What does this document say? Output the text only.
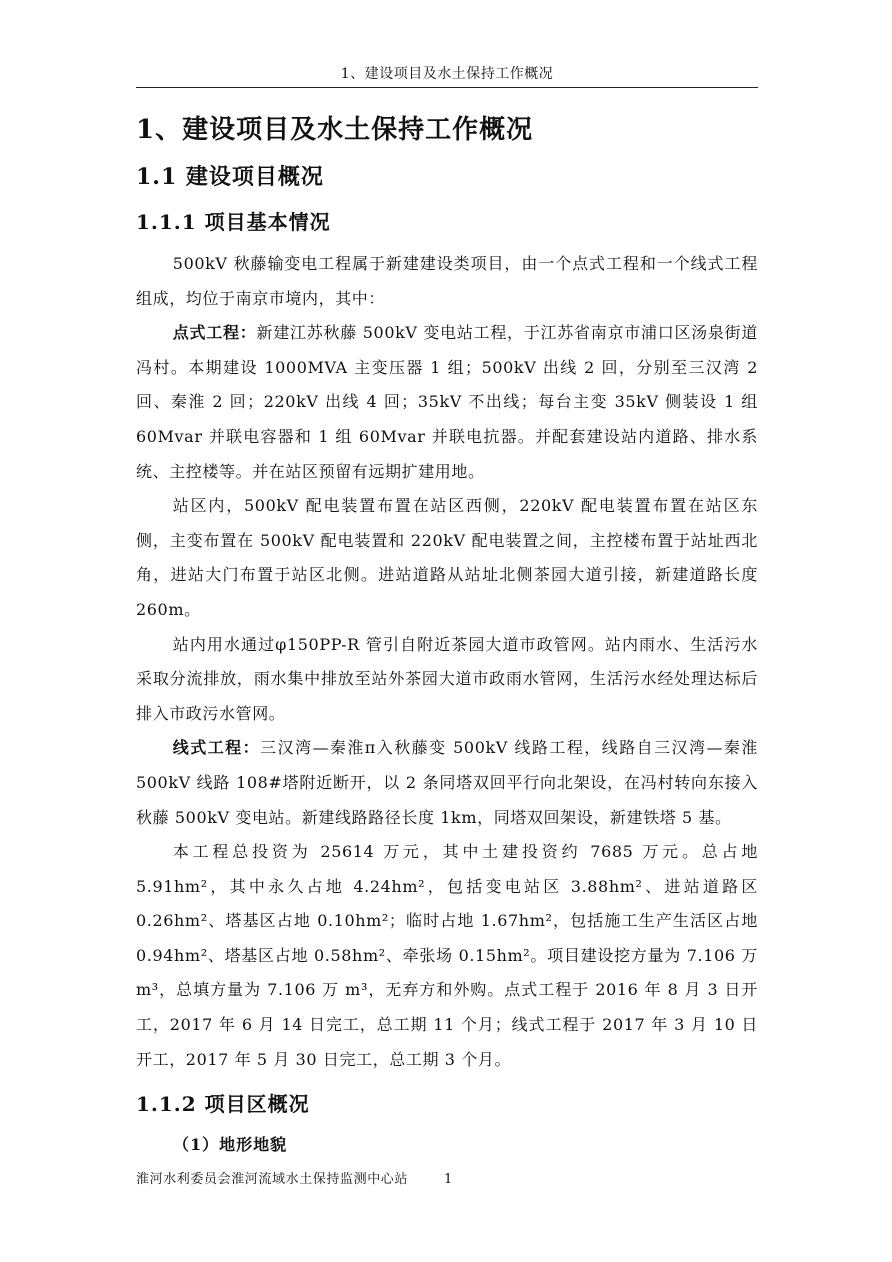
1、建设项目及水土保持工作概况
1、建设项目及水土保持工作概况
1.1 建设项目概况
1.1.1 项目基本情况

500kV 秋藤输变电工程属于新建建设类项目，由一个点式工程和一个线式工程组成，均位于南京市境内，其中：

点式工程：新建江苏秋藤 500kV 变电站工程，于江苏省南京市浦口区汤泉街道冯村。本期建设 1000MVA 主变压器 1 组；500kV 出线 2 回，分别至三汉湾 2 回、秦淮 2 回；220kV 出线 4 回；35kV 不出线；每台主变 35kV 侧装设 1 组 60Mvar 并联电容器和 1 组 60Mvar 并联电抗器。并配套建设站内道路、排水系统、主控楼等。并在站区预留有远期扩建用地。

站区内，500kV 配电装置布置在站区西侧，220kV 配电装置布置在站区东侧，主变布置在 500kV 配电装置和 220kV 配电装置之间，主控楼布置于站址西北角，进站大门布置于站区北侧。进站道路从站址北侧茶园大道引接，新建道路长度 260m。

站内用水通过φ150PP-R 管引自附近茶园大道市政管网。站内雨水、生活污水采取分流排放，雨水集中排放至站外茶园大道市政雨水管网，生活污水经处理达标后排入市政污水管网。

线式工程：三汉湾—秦淮π入秋藤变 500kV 线路工程，线路自三汉湾—秦淮 500kV 线路 108#塔附近断开，以 2 条同塔双回平行向北架设，在冯村转向东接入秋藤 500kV 变电站。新建线路路径长度 1km，同塔双回架设，新建铁塔 5 基。

本工程总投资为 25614 万元，其中土建投资约 7685 万元。总占地 5.91hm²，其中永久占地 4.24hm²，包括变电站区 3.88hm²、进站道路区 0.26hm²、塔基区占地 0.10hm²；临时占地 1.67hm²，包括施工生产生活区占地 0.94hm²、塔基区占地 0.58hm²、牵张场 0.15hm²。项目建设挖方量为 7.106 万 m³，总填方量为 7.106 万 m³，无弃方和外购。点式工程于 2016 年 8 月 3 日开工，2017 年 6 月 14 日完工，总工期 11 个月；线式工程于 2017 年 3 月 10 日开工，2017 年 5 月 30 日完工，总工期 3 个月。

1.1.2 项目区概况
（1）地形地貌
淮河水利委员会淮河流域水土保持监测中心站	1
